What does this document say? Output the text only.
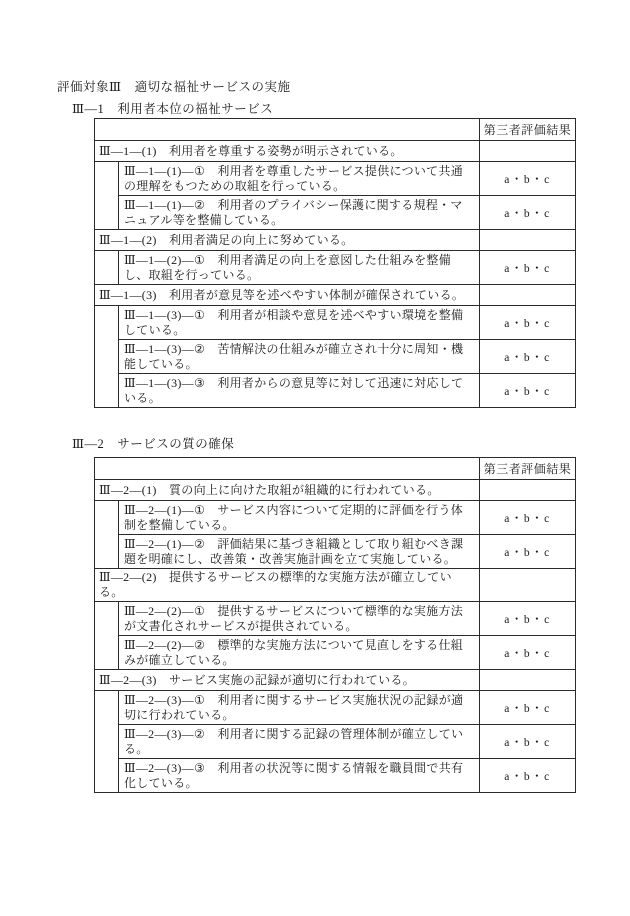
評価対象Ⅲ　適切な福祉サービスの実施
Ⅲ―1　利用者本位の福祉サービス
		第三者評価結果
Ⅲ―1―(1)　利用者を尊重する姿勢が明示されている。		
	Ⅲ―1―(1)―①　利用者を尊重したサービス提供について共通の理解をもつための取組を行っている。	a・b・c
	Ⅲ―1―(1)―②　利用者のプライバシー保護に関する規程・マニュアル等を整備している。	a・b・c
Ⅲ―1―(2)　利用者満足の向上に努めている。		
	Ⅲ―1―(2)―①　利用者満足の向上を意図した仕組みを整備し、取組を行っている。	a・b・c
Ⅲ―1―(3)　利用者が意見等を述べやすい体制が確保されている。		
	Ⅲ―1―(3)―①　利用者が相談や意見を述べやすい環境を整備している。	a・b・c
	Ⅲ―1―(3)―②　苦情解決の仕組みが確立され十分に周知・機能している。	a・b・c
	Ⅲ―1―(3)―③　利用者からの意見等に対して迅速に対応している。	a・b・c
Ⅲ―2　サービスの質の確保
		第三者評価結果
Ⅲ―2―(1)　質の向上に向けた取組が組織的に行われている。		
	Ⅲ―2―(1)―①　サービス内容について定期的に評価を行う体制を整備している。	a・b・c
	Ⅲ―2―(1)―②　評価結果に基づき組織として取り組むべき課題を明確にし、改善策・改善実施計画を立て実施している。	a・b・c
Ⅲ―2―(2)　提供するサービスの標準的な実施方法が確立している。		
	Ⅲ―2―(2)―①　提供するサービスについて標準的な実施方法が文書化されサービスが提供されている。	a・b・c
	Ⅲ―2―(2)―②　標準的な実施方法について見直しをする仕組みが確立している。	a・b・c
Ⅲ―2―(3)　サービス実施の記録が適切に行われている。		
	Ⅲ―2―(3)―①　利用者に関するサービス実施状況の記録が適切に行われている。	a・b・c
	Ⅲ―2―(3)―②　利用者に関する記録の管理体制が確立している。	a・b・c
	Ⅲ―2―(3)―③　利用者の状況等に関する情報を職員間で共有化している。	a・b・c
